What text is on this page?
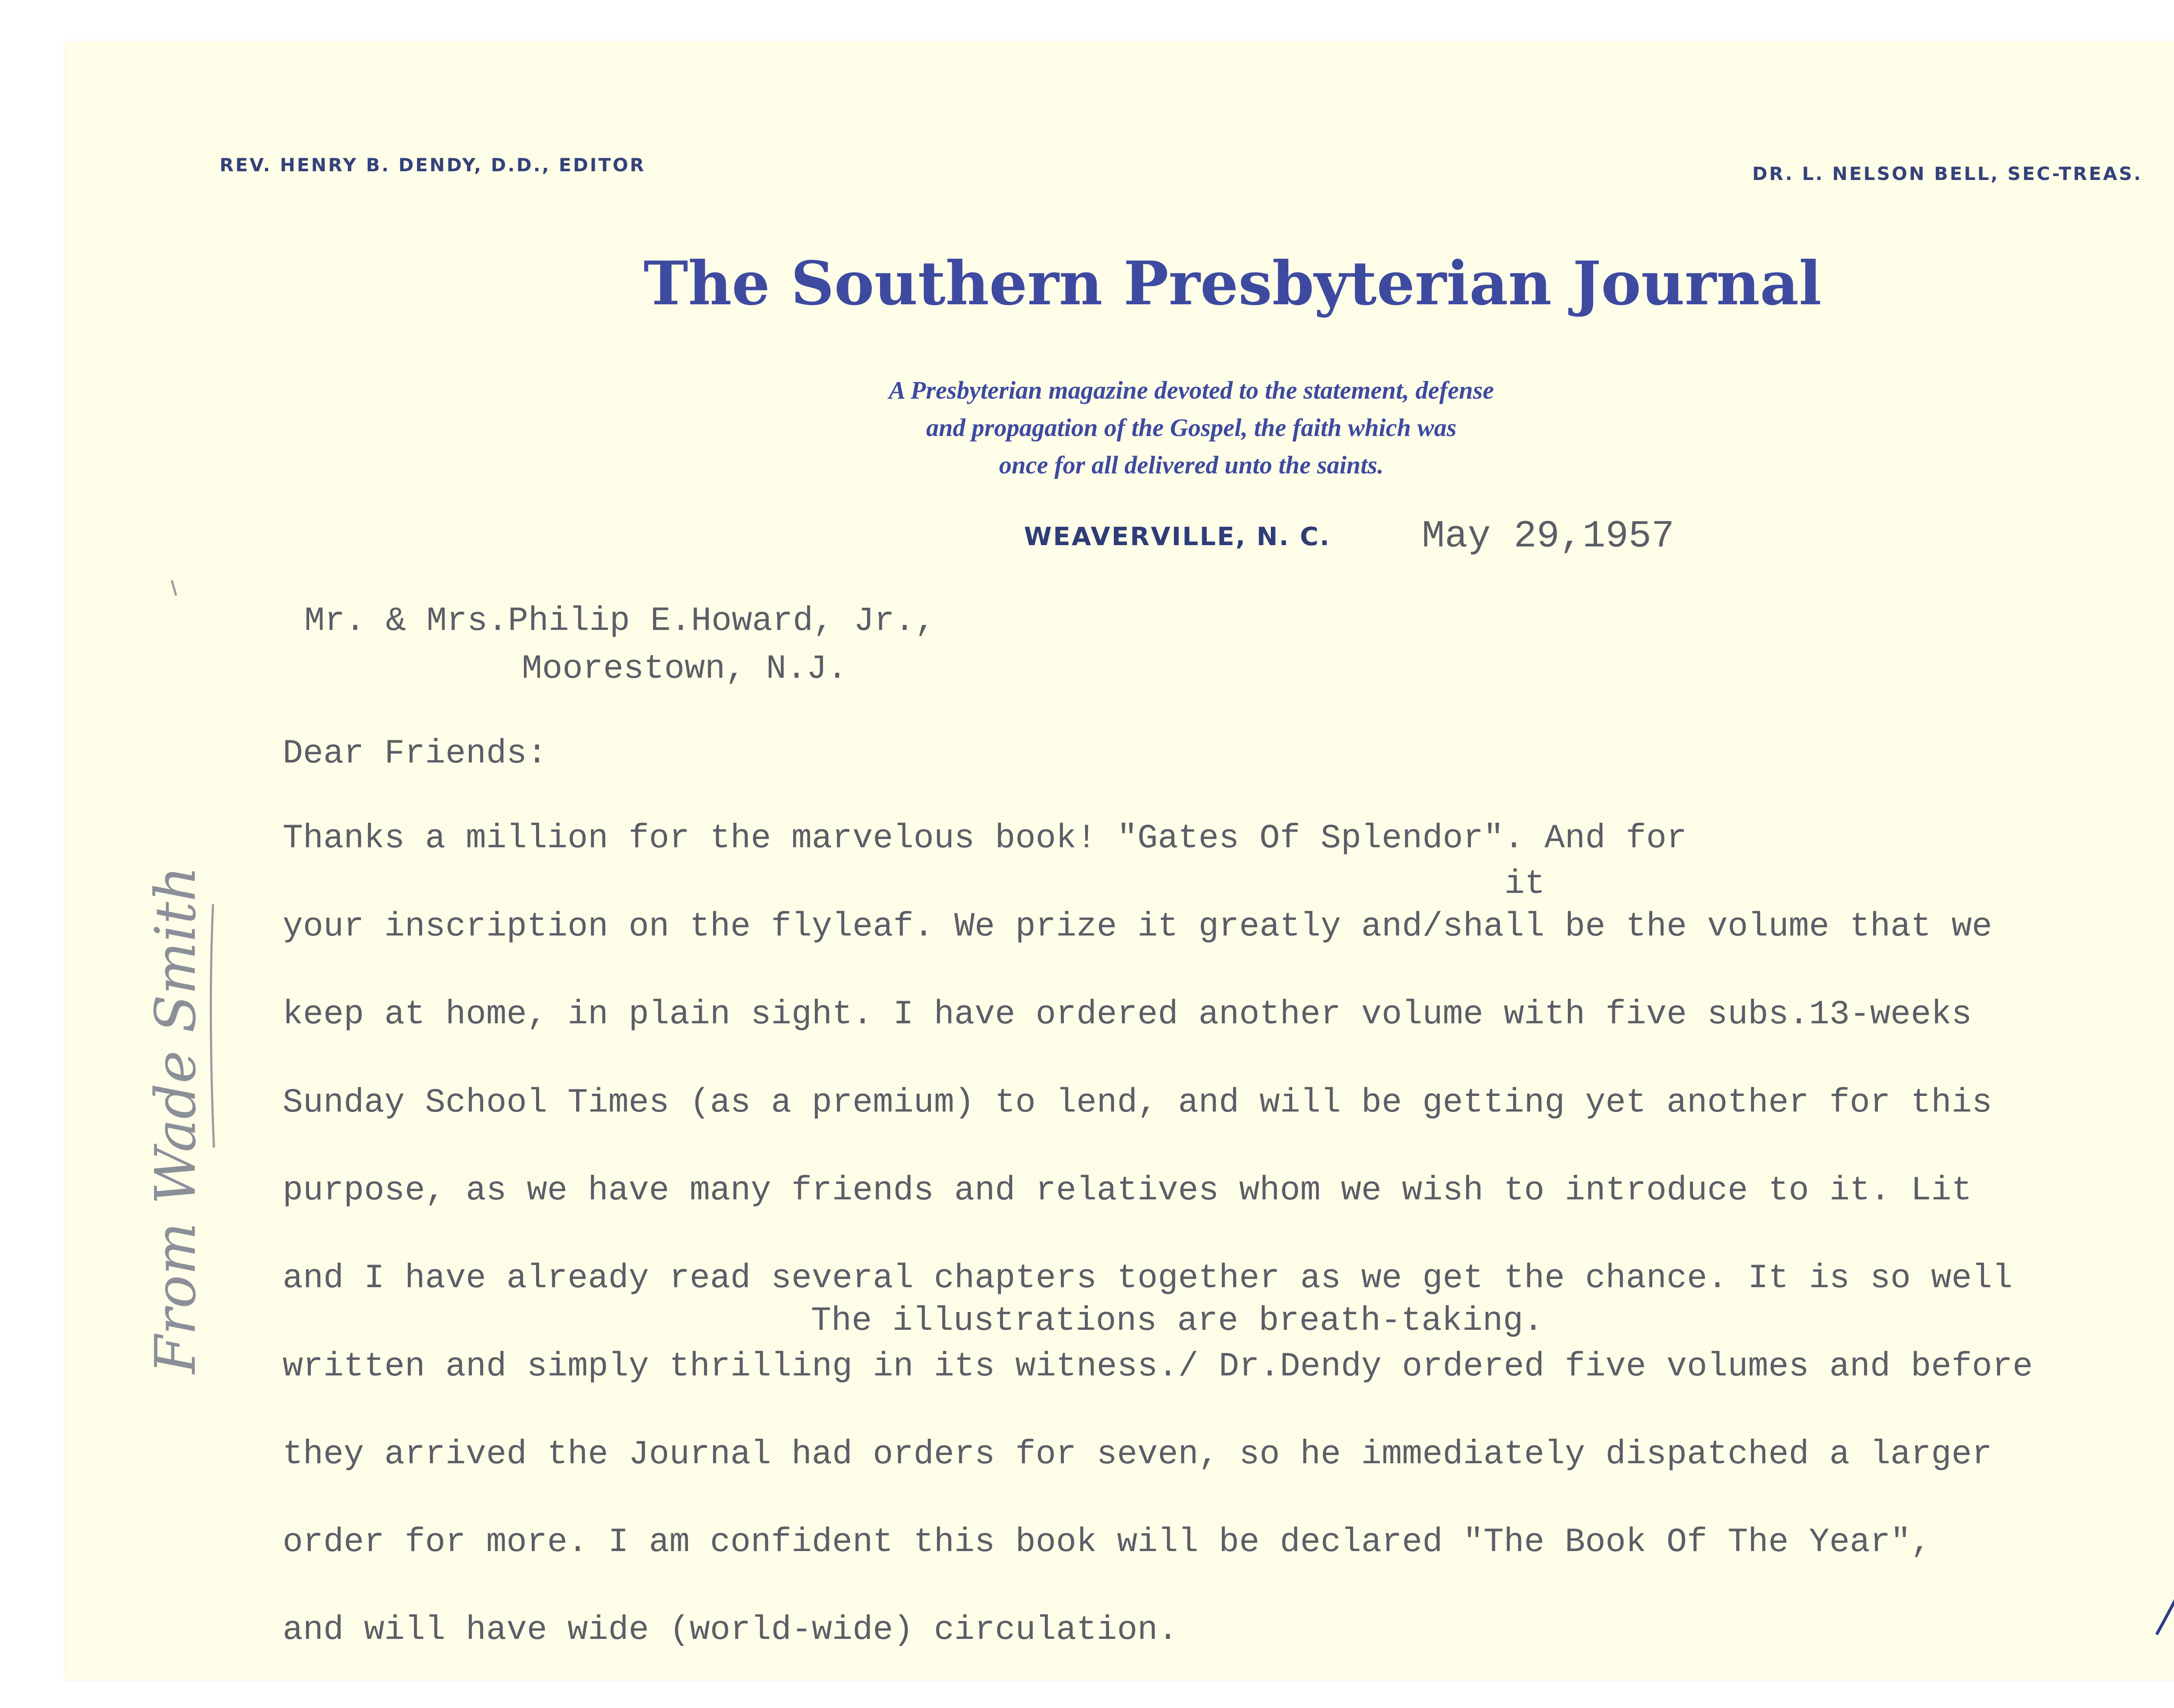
REV. HENRY B. DENDY, D.D., EDITOR	DR. L. NELSON BELL, SEC-TREAS.
The Southern Presbyterian Journal
A Presbyterian magazine devoted to the statement, defense
and propagation of the Gospel, the faith which was
once for all delivered unto the saints.
WEAVERVILLE, N. C. May 29,1957
Mr. & Mrs.Philip E.Howard, Jr.,
Moorestown, N.J.
Dear Friends:
Thanks a million for the marvelous book! "Gates Of Splendor". And for
it
your inscription on the flyleaf. We prize it greatly and/shall be the volume that we
keep at home, in plain sight. I have ordered another volume with five subs.13-weeks
Sunday School Times (as a premium) to lend, and will be getting yet another for this
purpose, as we have many friends and relatives whom we wish to introduce to it. Lit
and I have already read several chapters together as we get the chance. It is so well
The illustrations are breath-taking.
written and simply thrilling in its witness./ Dr.Dendy ordered five volumes and before
they arrived the Journal had orders for seven, so he immediately dispatched a larger
order for more. I am confident this book will be declared "The Book Of The Year",
and will have wide (world-wide) circulation.
From Wade Smith
